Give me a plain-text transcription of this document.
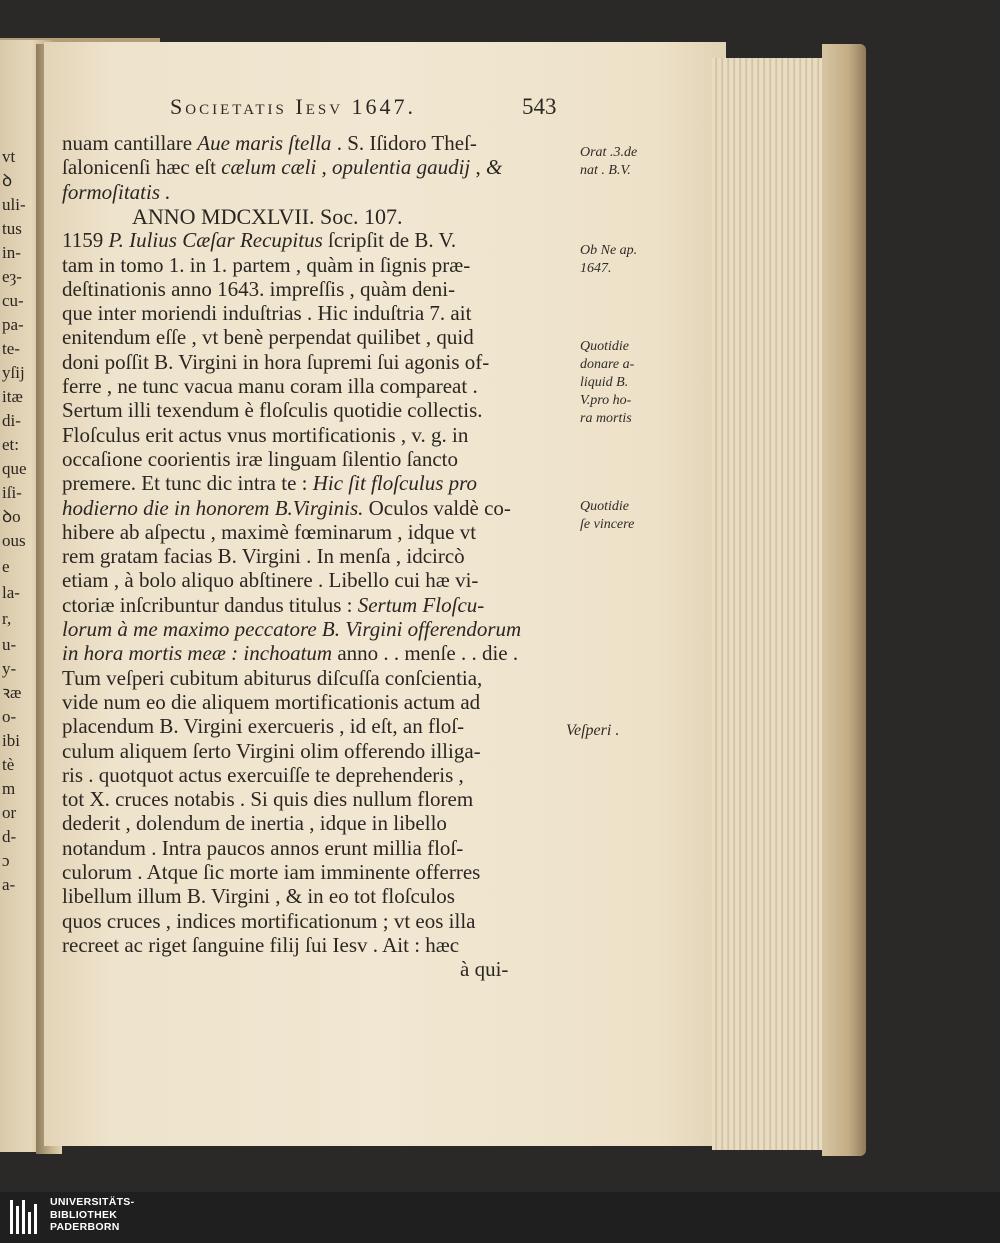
vt
ꝺ
uli-
tus
in-
eȝ-
cu-
pa-
te-
yſij
itæ
di-
et:
que
iſi-
ꝺo
ous
e
la-
r,
u-
y-
ꝛæ
o-
ibi
tè
m
or
d-
ɔ
a-
Societatis Iesv 1647.	543
nuam cantillare Aue maris ſtella . S. Iſidoro Theſ-
ſalonicenſi hæc eſt cælum cæli , opulentia gaudij , &
formoſitatis .
ANNO MDCXLVII. Soc. 107.
1159 P. Iulius Cæſar Recupitus ſcripſit de B. V.
tam in tomo 1. in 1. partem , quàm in ſignis præ-
deſtinationis anno 1643. impreſſis , quàm deni-
que inter moriendi induſtrias . Hic induſtria 7. ait
enitendum eſſe , vt benè perpendat quilibet , quid
doni poſſit B. Virgini in hora ſupremi ſui agonis of-
ferre , ne tunc vacua manu coram illa compareat .
Sertum illi texendum è floſculis quotidie collectis.
Floſculus erit actus vnus mortificationis , v. g. in
occaſione coorientis iræ linguam ſilentio ſancto
premere. Et tunc dic intra te : Hic ſit floſculus pro
hodierno die in honorem B.Virginis. Oculos valdè co-
hibere ab aſpectu , maximè fœminarum , idque vt
rem gratam facias B. Virgini . In menſa , idcircò
etiam , à bolo aliquo abſtinere . Libello cui hæ vi-
ctoriæ inſcribuntur dandus titulus : Sertum Floſcu-
lorum à me maximo peccatore B. Virgini offerendorum
in hora mortis meæ : inchoatum anno . . menſe . . die .
Tum veſperi cubitum abiturus diſcuſſa conſcientia,
vide num eo die aliquem mortificationis actum ad
placendum B. Virgini exercueris , id eſt, an floſ-
culum aliquem ſerto Virgini olim offerendo illiga-
ris . quotquot actus exercuiſſe te deprehenderis ,
tot X. cruces notabis . Si quis dies nullum florem
dederit , dolendum de inertia , idque in libello
notandum . Intra paucos annos erunt millia floſ-
culorum . Atque ſic morte iam imminente offerres
libellum illum B. Virgini , & in eo tot floſculos
quos cruces , indices mortificationum ; vt eos illa
recreet ac riget ſanguine filij ſui Iesv . Ait : hæc
à qui-
Orat .3.de
nat . B.V.
Ob Ne ap.
1647.
Quotidie
donare a-
liquid B.
V.pro ho-
ra mortis
Quotidie
ſe vincere
Veſperi .
UNIVERSITÄTS-
BIBLIOTHEK
PADERBORN
